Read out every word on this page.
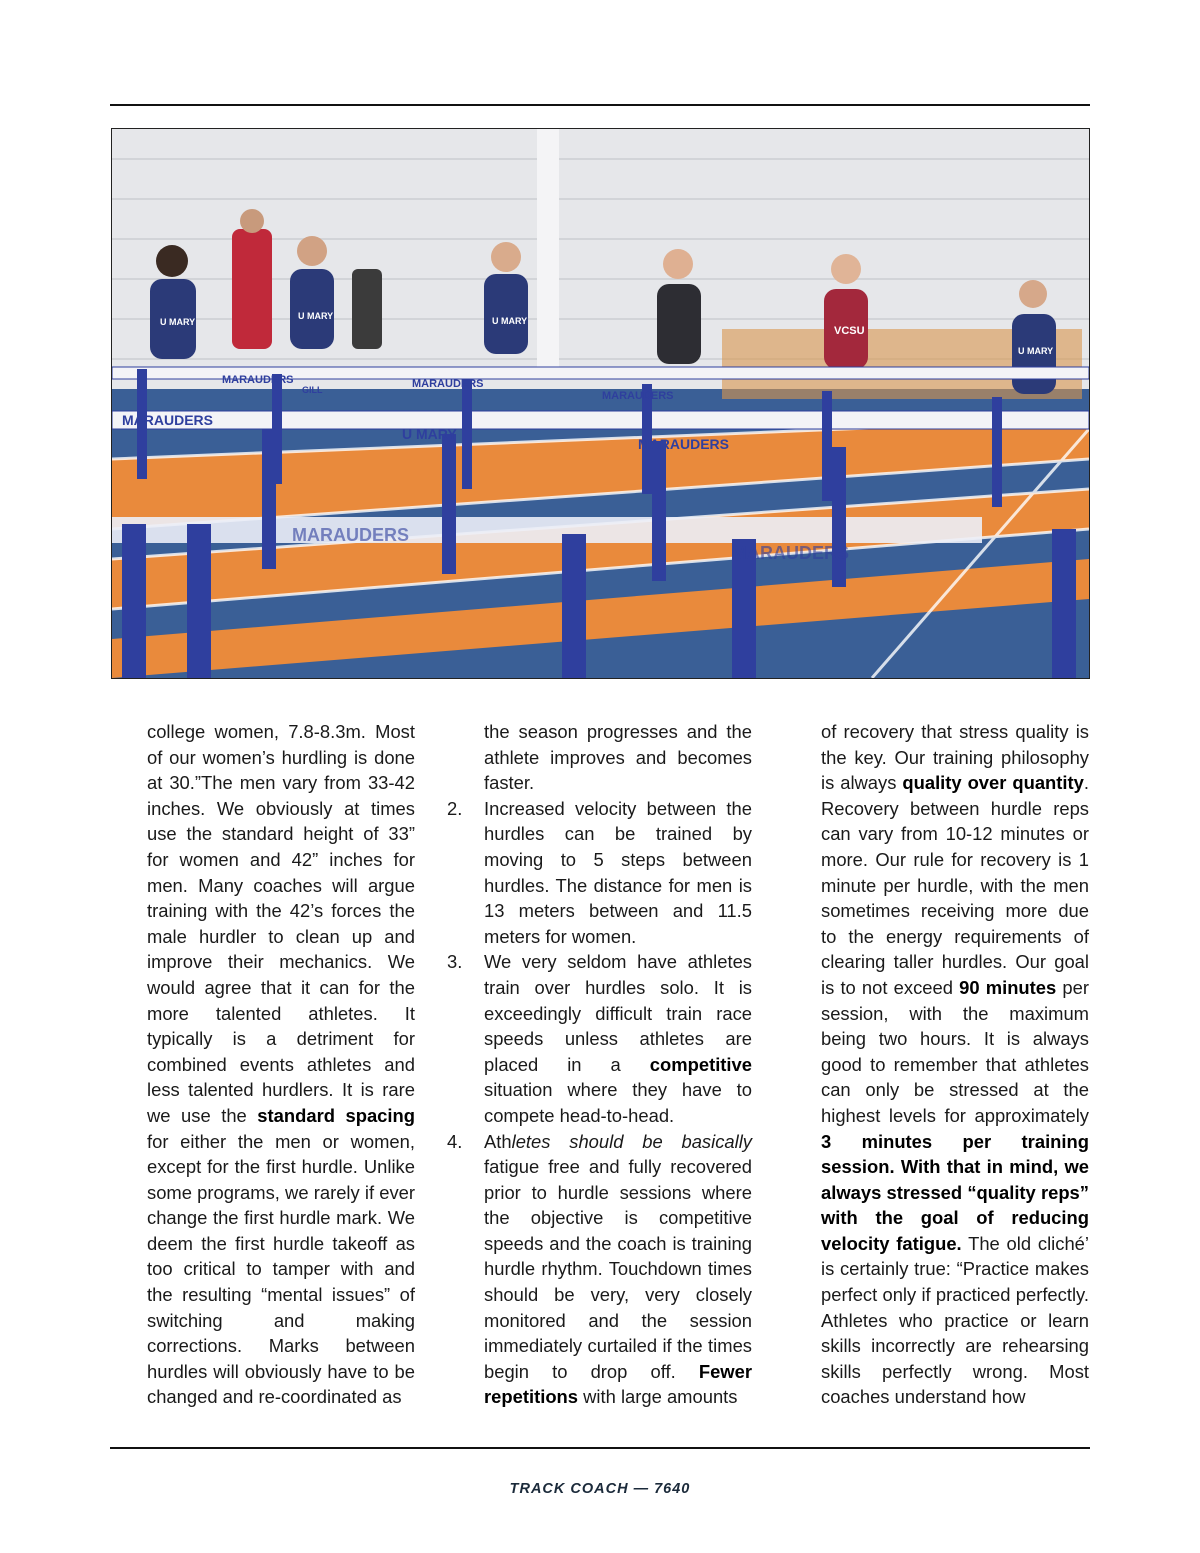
MARAUDERS	MARAUDERS
MARAUDERS
MARAUDERS
U MARY
MARAUDERS
MARAUDERS
MARAUDERS
GILL
U MARY
U MARY	U MARY
VCSU
U MARY

college women, 7.8-8.3m. Most of our women’s hurdling is done at 30.”The men vary from 33-42 inches. We obviously at times use the standard height of 33” for women and 42” inches for men. Many coaches will argue training with the 42’s forces the male hurdler to clean up and improve their mechanics. We would agree that it can for the more talented athletes. It typically is a detriment for combined events athletes and less talented hurdlers. It is rare we use the standard spacing for either the men or women, except for the first hurdle. Unlike some programs, we rarely if ever change the first hurdle mark. We deem the first hurdle takeoff as too critical to tamper with and the resulting “mental issues” of switching and making corrections. Marks between hurdles will obviously have to be changed and re-coordinated as

the season progresses and the athlete improves and becomes faster.

2. Increased velocity between the hurdles can be trained by moving to 5 steps between hurdles. The distance for men is 13 meters between and 11.5 meters for women.
3. We very seldom have athletes train over hurdles solo. It is exceedingly difficult train race speeds unless athletes are placed in a competitive situation where they have to compete head-to-head.
4. Athletes should be basically fatigue free and fully recovered prior to hurdle sessions where the objective is competitive speeds and the coach is training hurdle rhythm. Touchdown times should be very, very closely monitored and the session immediately curtailed if the times begin to drop off. Fewer repetitions with large amounts

of recovery that stress quality is the key. Our training philosophy is always quality over quantity. Recovery between hurdle reps can vary from 10-12 minutes or more. Our rule for recovery is 1 minute per hurdle, with the men sometimes receiving more due to the energy requirements of clearing taller hurdles. Our goal is to not exceed 90 minutes per session, with the maximum being two hours. It is always good to remember that athletes can only be stressed at the highest levels for approximately 3 minutes per training session. With that in mind, we always stressed “quality reps” with the goal of reducing velocity fatigue. The old cliché’ is certainly true: “Practice makes perfect only if practiced perfectly. Athletes who practice or learn skills incorrectly are rehearsing skills perfectly wrong. Most coaches understand how

TRACK COACH — 7640
